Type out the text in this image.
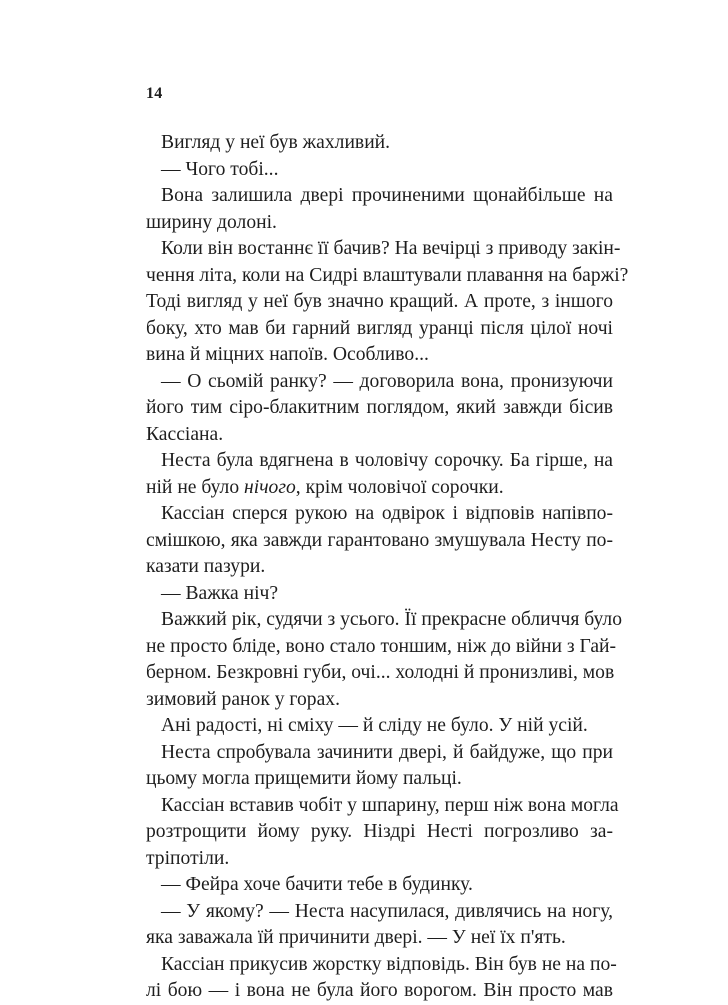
14
Вигляд у неї був жахливий.
— Чого тобі...
Вона залишила двері прочиненими щонайбільше на
ширину долоні.
Коли він востаннє її бачив? На вечірці з приводу закін-
чення літа, коли на Сидрі влаштували плавання на баржі?
Тоді вигляд у неї був значно кращий. А проте, з іншого
боку, хто мав би гарний вигляд уранці після цілої ночі
вина й міцних напоїв. Особливо...
— О сьомій ранку? — договорила вона, пронизуючи
його тим сіро-блакитним поглядом, який завжди бісив
Кассіана.
Неста була вдягнена в чоловічу сорочку. Ба гірше, на
ній не було нічого, крім чоловічої сорочки.
Кассіан сперся рукою на одвірок і відповів напівпо-
смішкою, яка завжди гарантовано змушувала Несту по-
казати пазури.
— Важка ніч?
Важкий рік, судячи з усього. Її прекрасне обличчя було
не просто бліде, воно стало тоншим, ніж до війни з Гай-
берном. Безкровні губи, очі... холодні й пронизливі, мов
зимовий ранок у горах.
Ані радості, ні сміху — й сліду не було. У ній усій.
Неста спробувала зачинити двері, й байдуже, що при
цьому могла прищемити йому пальці.
Кассіан вставив чобіт у шпарину, перш ніж вона могла
розтрощити йому руку. Ніздрі Несті погрозливо за-
тріпотіли.
— Фейра хоче бачити тебе в будинку.
— У якому? — Неста насупилася, дивлячись на ногу,
яка заважала їй причинити двері. — У неї їх п'ять.
Кассіан прикусив жорстку відповідь. Він був не на по-
лі бою — і вона не була його ворогом. Він просто мав
